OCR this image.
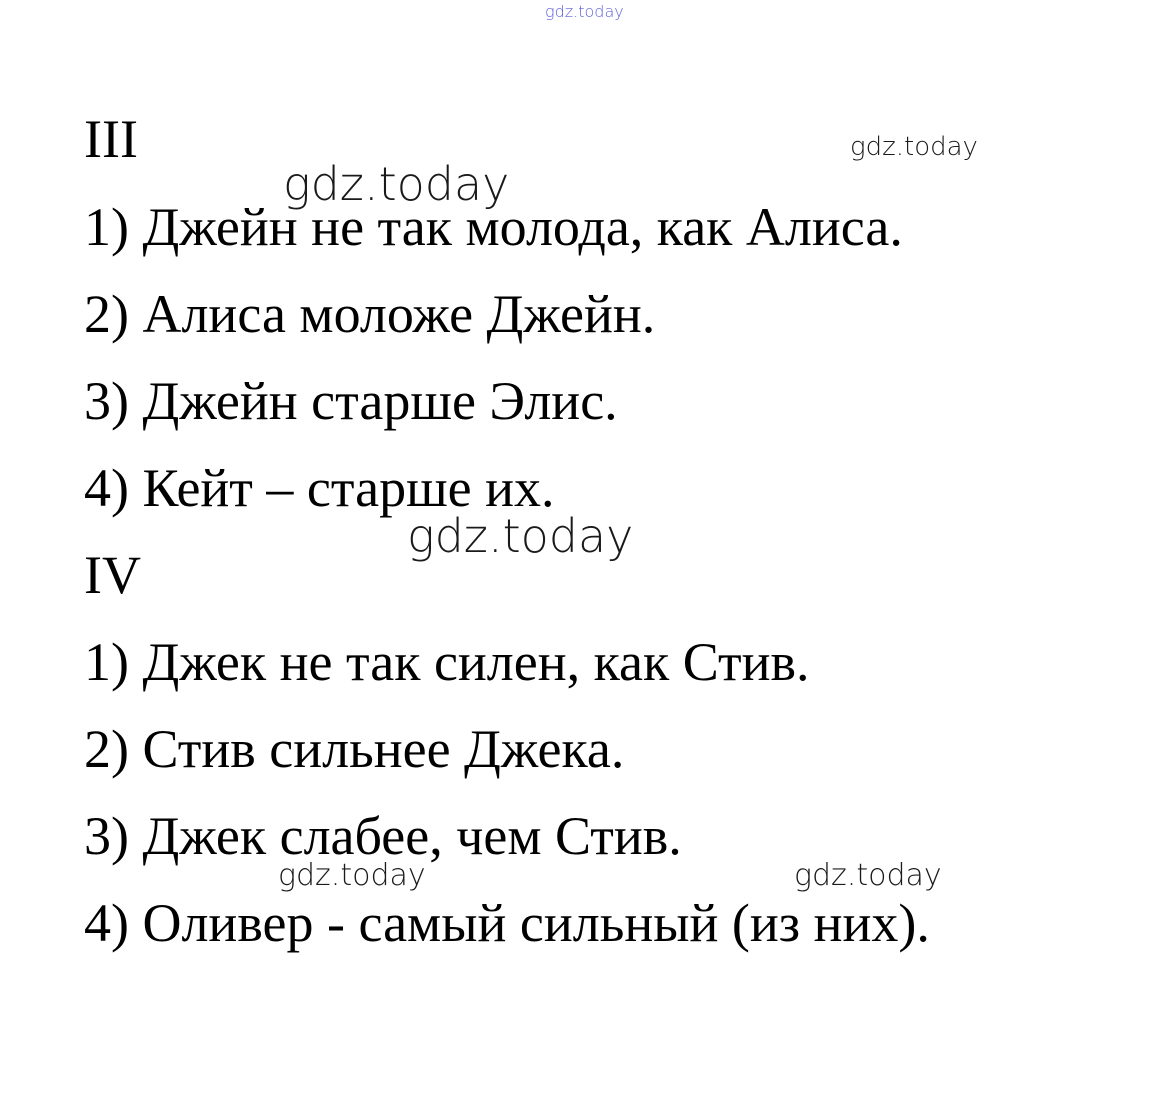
gdz.today
III	gdz.today
gdz.today
1) Джейн не так молода, как Алиса.
2) Алиса моложе Джейн.
3) Джейн старше Элис.
4) Кейт – старше их.
gdz.today
IV
1) Джек не так силен, как Стив.
2) Стив сильнее Джека.
3) Джек слабее, чем Стив.
gdz.today	gdz.today
4) Оливер - самый сильный (из них).
